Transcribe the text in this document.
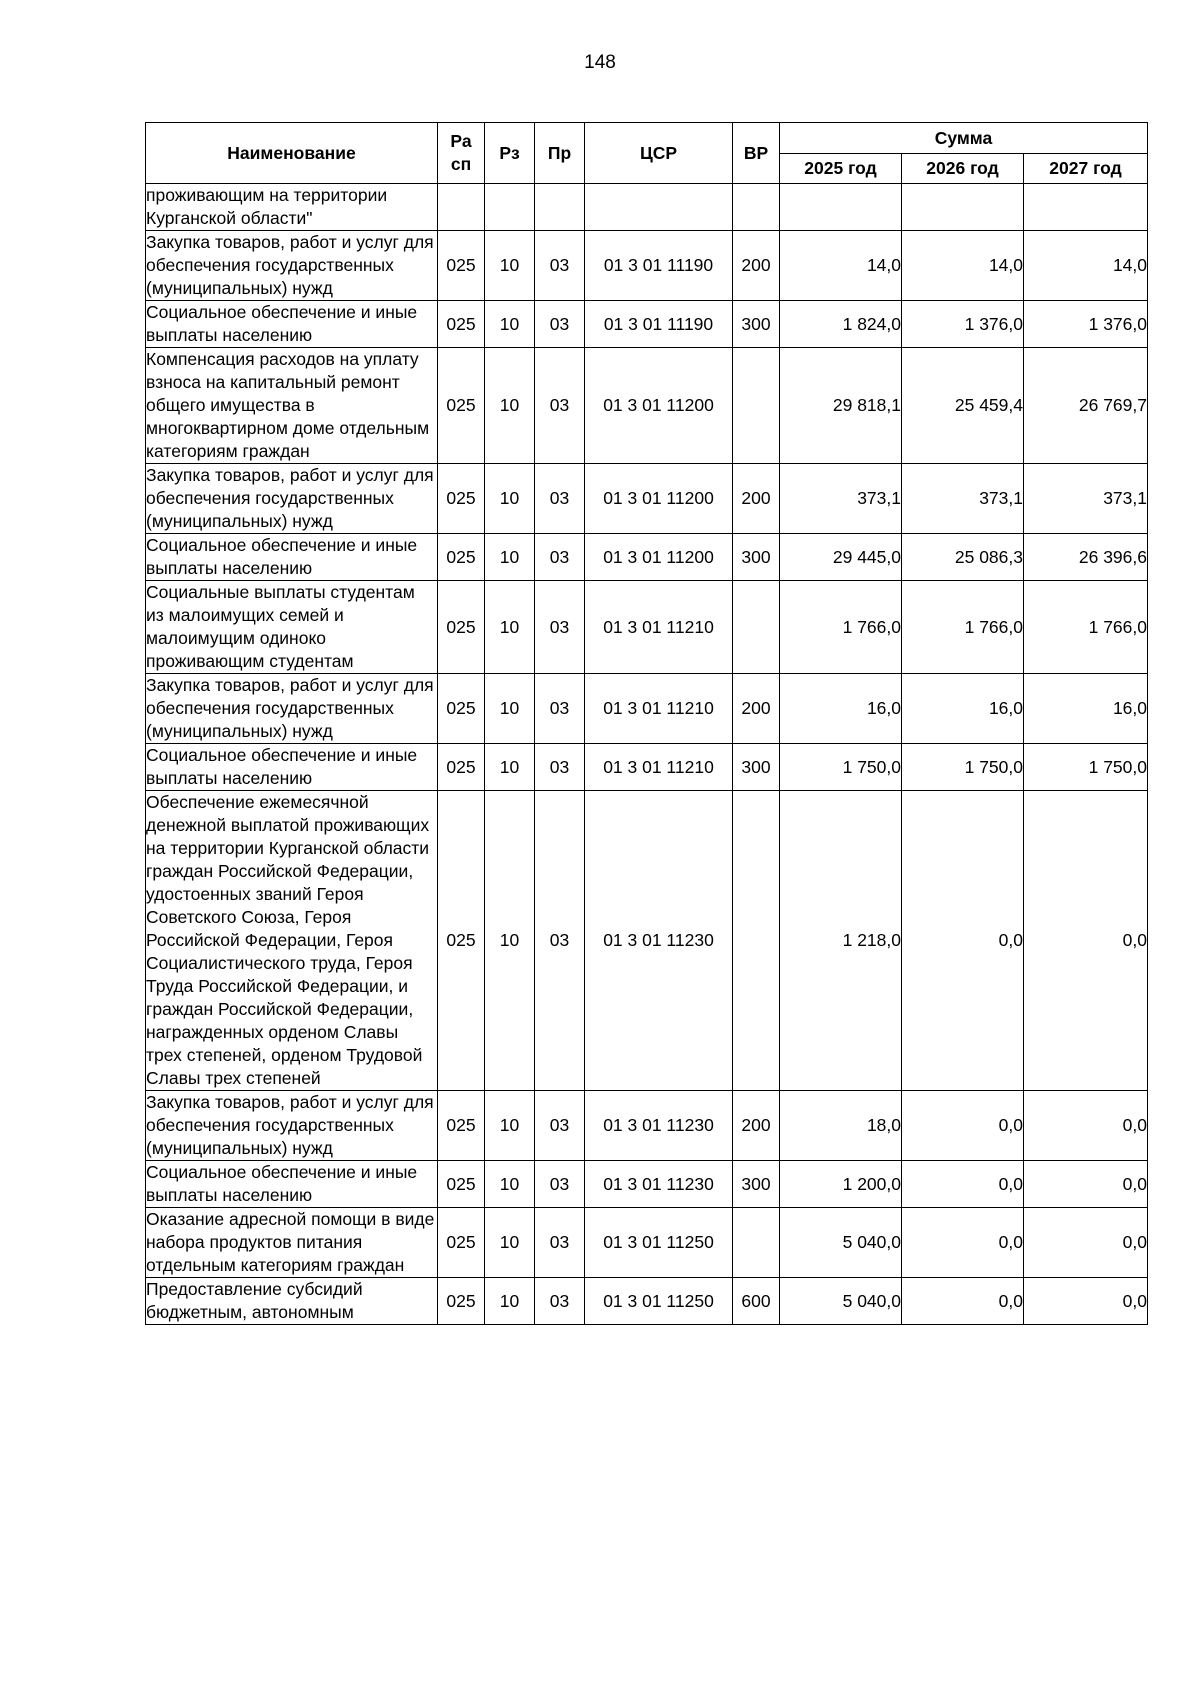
148
Наименование	Ра сп	Рз	Пр	ЦСР	ВР	Сумма		
						2025 год	2026 год	2027 год
проживающим на территории Курганской области"								
Закупка товаров, работ и услуг для обеспечения государственных (муниципальных) нужд	025	10	03	01 3 01 11190	200	14,0	14,0	14,0
Социальное обеспечение и иные выплаты населению	025	10	03	01 3 01 11190	300	1 824,0	1 376,0	1 376,0
Компенсация расходов на уплату взноса на капитальный ремонт общего имущества в многоквартирном доме отдельным категориям граждан	025	10	03	01 3 01 11200		29 818,1	25 459,4	26 769,7
Закупка товаров, работ и услуг для обеспечения государственных (муниципальных) нужд	025	10	03	01 3 01 11200	200	373,1	373,1	373,1
Социальное обеспечение и иные выплаты населению	025	10	03	01 3 01 11200	300	29 445,0	25 086,3	26 396,6
Социальные выплаты студентам из малоимущих семей и малоимущим одиноко проживающим студентам	025	10	03	01 3 01 11210		1 766,0	1 766,0	1 766,0
Закупка товаров, работ и услуг для обеспечения государственных (муниципальных) нужд	025	10	03	01 3 01 11210	200	16,0	16,0	16,0
Социальное обеспечение и иные выплаты населению	025	10	03	01 3 01 11210	300	1 750,0	1 750,0	1 750,0
Обеспечение ежемесячной денежной выплатой проживающих на территории Курганской области граждан Российской Федерации, удостоенных званий Героя Советского Союза, Героя Российской Федерации, Героя Социалистического труда, Героя Труда Российской Федерации, и граждан Российской Федерации, награжденных орденом Славы трех степеней, орденом Трудовой Славы трех степеней	025	10	03	01 3 01 11230		1 218,0	0,0	0,0
Закупка товаров, работ и услуг для обеспечения государственных (муниципальных) нужд	025	10	03	01 3 01 11230	200	18,0	0,0	0,0
Социальное обеспечение и иные выплаты населению	025	10	03	01 3 01 11230	300	1 200,0	0,0	0,0
Оказание адресной помощи в виде набора продуктов питания отдельным категориям граждан	025	10	03	01 3 01 11250		5 040,0	0,0	0,0
Предоставление субсидий бюджетным, автономным	025	10	03	01 3 01 11250	600	5 040,0	0,0	0,0
